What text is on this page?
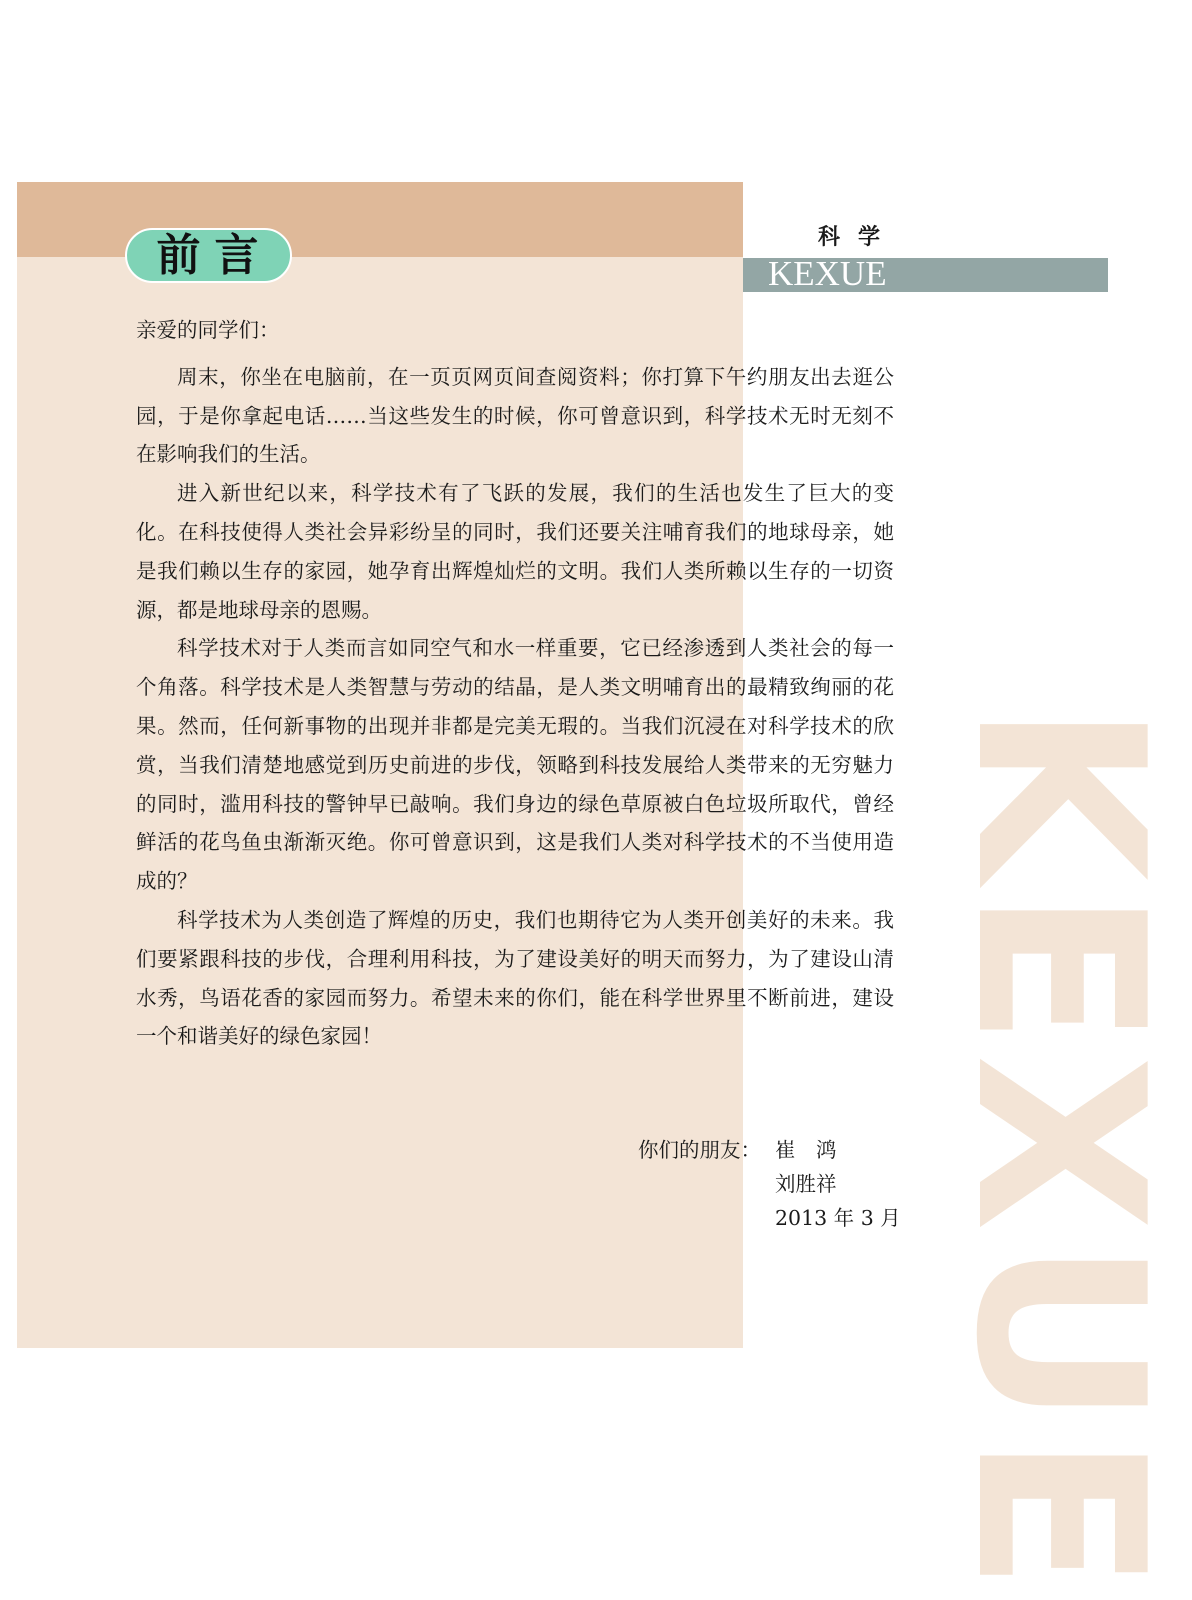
科学
KEXUE
KEXUE
前言

亲爱的同学们：

周末，你坐在电脑前，在一页页网页间查阅资料；你打算下午约朋友出去逛公园，于是你拿起电话……当这些发生的时候，你可曾意识到，科学技术无时无刻不在影响我们的生活。

进入新世纪以来，科学技术有了飞跃的发展，我们的生活也发生了巨大的变化。在科技使得人类社会异彩纷呈的同时，我们还要关注哺育我们的地球母亲，她是我们赖以生存的家园，她孕育出辉煌灿烂的文明。我们人类所赖以生存的一切资源，都是地球母亲的恩赐。

科学技术对于人类而言如同空气和水一样重要，它已经渗透到人类社会的每一个角落。科学技术是人类智慧与劳动的结晶，是人类文明哺育出的最精致绚丽的花果。然而，任何新事物的出现并非都是完美无瑕的。当我们沉浸在对科学技术的欣赏，当我们清楚地感觉到历史前进的步伐，领略到科技发展给人类带来的无穷魅力的同时，滥用科技的警钟早已敲响。我们身边的绿色草原被白色垃圾所取代，曾经鲜活的花鸟鱼虫渐渐灭绝。你可曾意识到，这是我们人类对科学技术的不当使用造成的？

科学技术为人类创造了辉煌的历史，我们也期待它为人类开创美好的未来。我们要紧跟科技的步伐，合理利用科技，为了建设美好的明天而努力，为了建设山清水秀，鸟语花香的家园而努力。希望未来的你们，能在科学世界里不断前进，建设一个和谐美好的绿色家园！

你们的朋友： 崔　鸿
刘胜祥
2013 年 3 月
